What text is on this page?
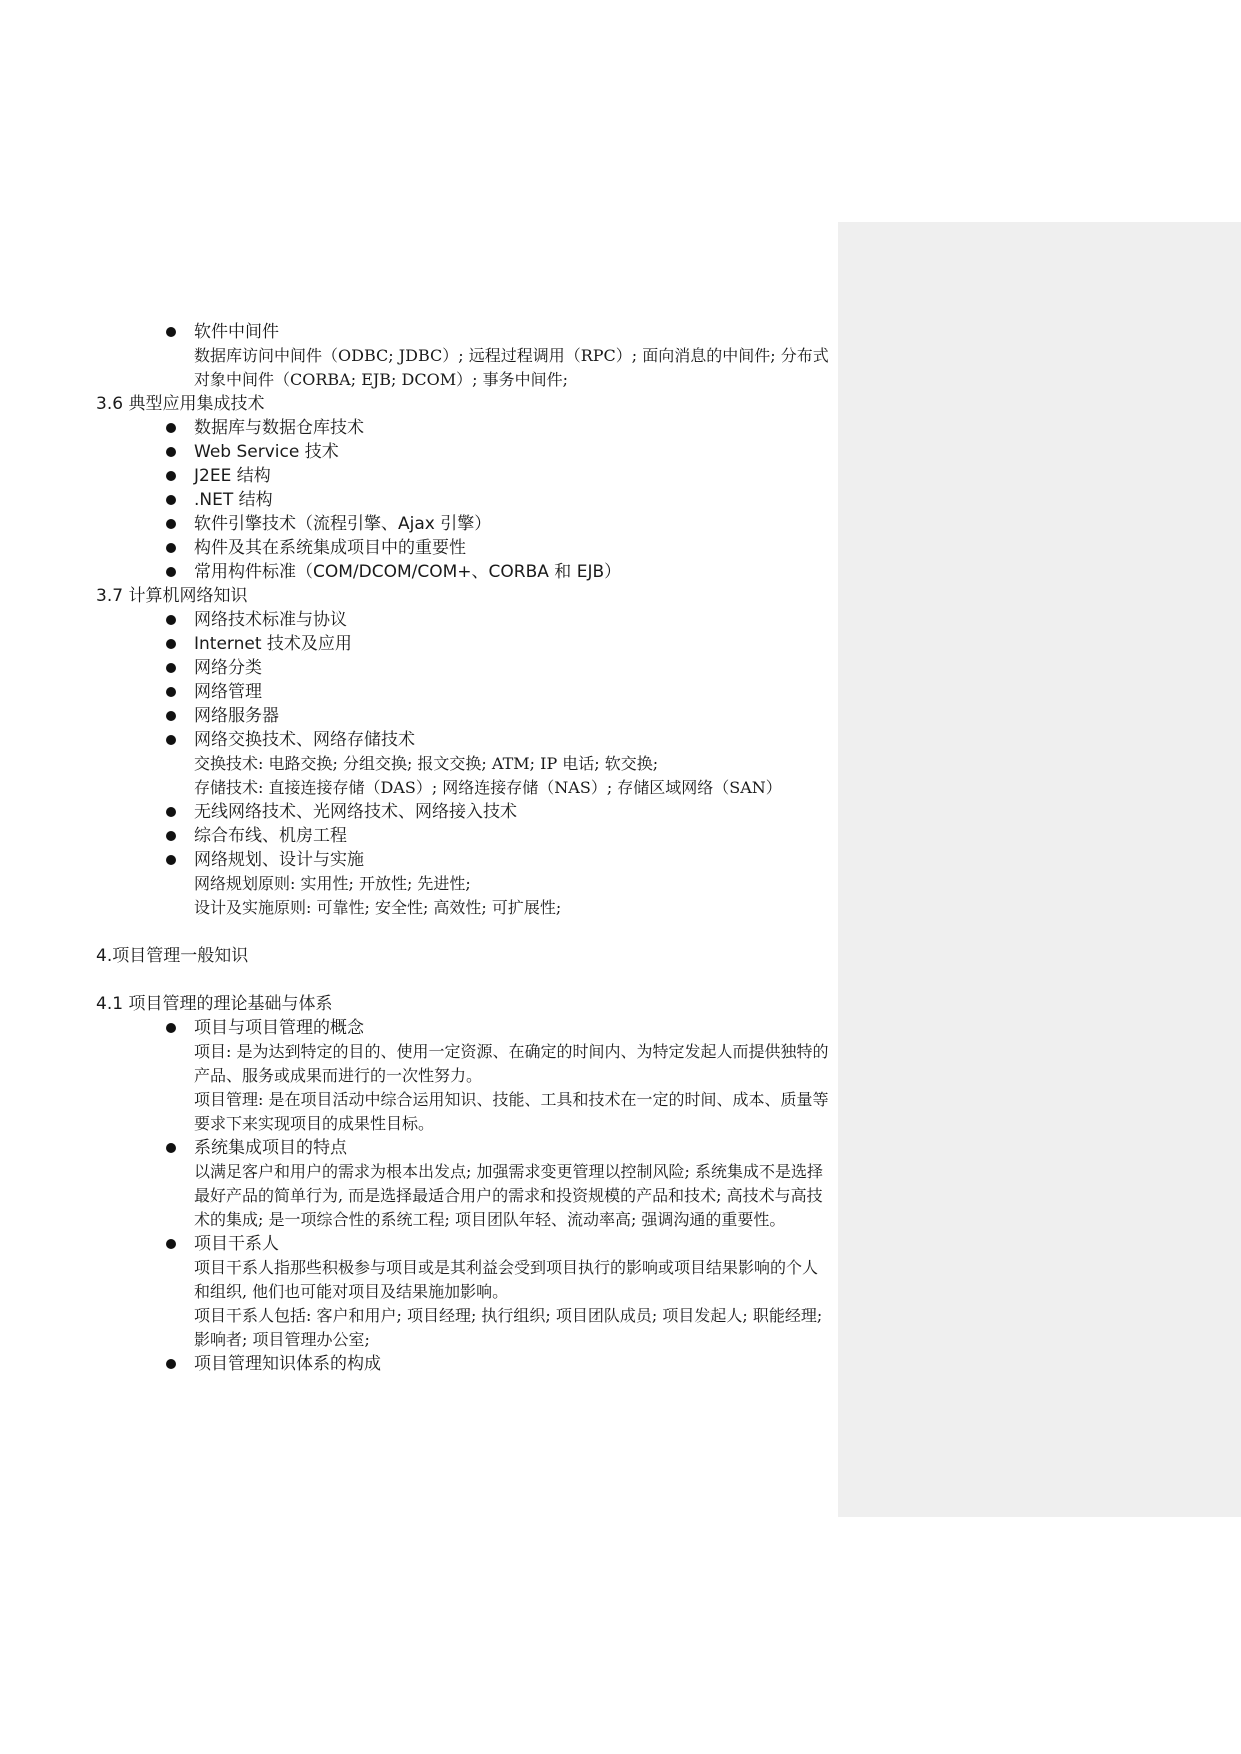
软件中间件

数据库访问中间件（ODBC; JDBC）; 远程过程调用（RPC）; 面向消息的中间件; 分布式对象中间件（CORBA; EJB; DCOM）; 事务中间件;

3.6 典型应用集成技术

数据库与数据仓库技术

Web Service 技术

J2EE 结构

.NET 结构

软件引擎技术（流程引擎、Ajax 引擎）

构件及其在系统集成项目中的重要性

常用构件标准（COM/DCOM/COM+、CORBA 和 EJB）

3.7 计算机网络知识

网络技术标准与协议

Internet 技术及应用

网络分类

网络管理

网络服务器

网络交换技术、网络存储技术

交换技术: 电路交换; 分组交换; 报文交换; ATM; IP 电话; 软交换;

存储技术: 直接连接存储（DAS）; 网络连接存储（NAS）; 存储区域网络（SAN）

无线网络技术、光网络技术、网络接入技术

综合布线、机房工程

网络规划、设计与实施

网络规划原则: 实用性; 开放性; 先进性;

设计及实施原则: 可靠性; 安全性; 高效性; 可扩展性;

4.项目管理一般知识

4.1 项目管理的理论基础与体系

项目与项目管理的概念

项目: 是为达到特定的目的、使用一定资源、在确定的时间内、为特定发起人而提供独特的产品、服务或成果而进行的一次性努力。

项目管理: 是在项目活动中综合运用知识、技能、工具和技术在一定的时间、成本、质量等要求下来实现项目的成果性目标。

系统集成项目的特点

以满足客户和用户的需求为根本出发点; 加强需求变更管理以控制风险; 系统集成不是选择最好产品的简单行为, 而是选择最适合用户的需求和投资规模的产品和技术; 高技术与高技术的集成; 是一项综合性的系统工程; 项目团队年轻、流动率高; 强调沟通的重要性。

项目干系人

项目干系人指那些积极参与项目或是其利益会受到项目执行的影响或项目结果影响的个人和组织, 他们也可能对项目及结果施加影响。

项目干系人包括: 客户和用户; 项目经理; 执行组织; 项目团队成员; 项目发起人; 职能经理; 影响者; 项目管理办公室;

项目管理知识体系的构成
